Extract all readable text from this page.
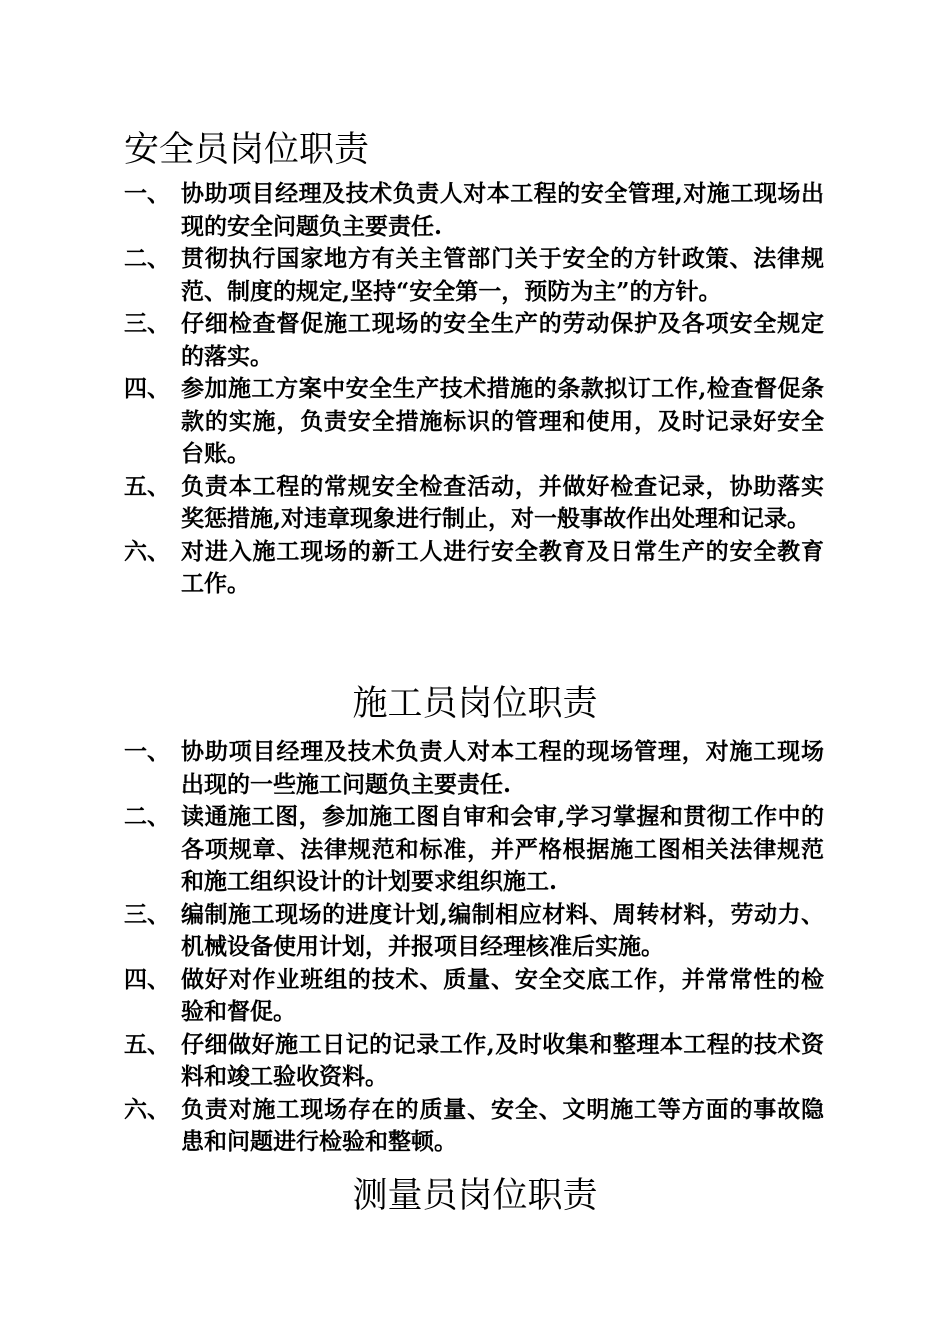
安全员岗位职责
一、 协助项目经理及技术负责人对本工程的安全管理,对施工现场出现的安全问题负主要责任.
二、 贯彻执行国家地方有关主管部门关于安全的方针政策、法律规范、制度的规定,坚持“安全第一，预防为主”的方针。
三、 仔细检查督促施工现场的安全生产的劳动保护及各项安全规定的落实。
四、 参加施工方案中安全生产技术措施的条款拟订工作,检查督促条款的实施，负责安全措施标识的管理和使用，及时记录好安全台账。
五、 负责本工程的常规安全检查活动，并做好检查记录，协助落实奖惩措施,对违章现象进行制止，对一般事故作出处理和记录。
六、 对进入施工现场的新工人进行安全教育及日常生产的安全教育工作。
施工员岗位职责
一、 协助项目经理及技术负责人对本工程的现场管理，对施工现场出现的一些施工问题负主要责任.
二、 读通施工图，参加施工图自审和会审,学习掌握和贯彻工作中的各项规章、法律规范和标准，并严格根据施工图相关法律规范和施工组织设计的计划要求组织施工.
三、 编制施工现场的进度计划,编制相应材料、周转材料，劳动力、机械设备使用计划，并报项目经理核准后实施。
四、 做好对作业班组的技术、质量、安全交底工作，并常常性的检验和督促。
五、 仔细做好施工日记的记录工作,及时收集和整理本工程的技术资料和竣工验收资料。
六、 负责对施工现场存在的质量、安全、文明施工等方面的事故隐患和问题进行检验和整顿。
测量员岗位职责
